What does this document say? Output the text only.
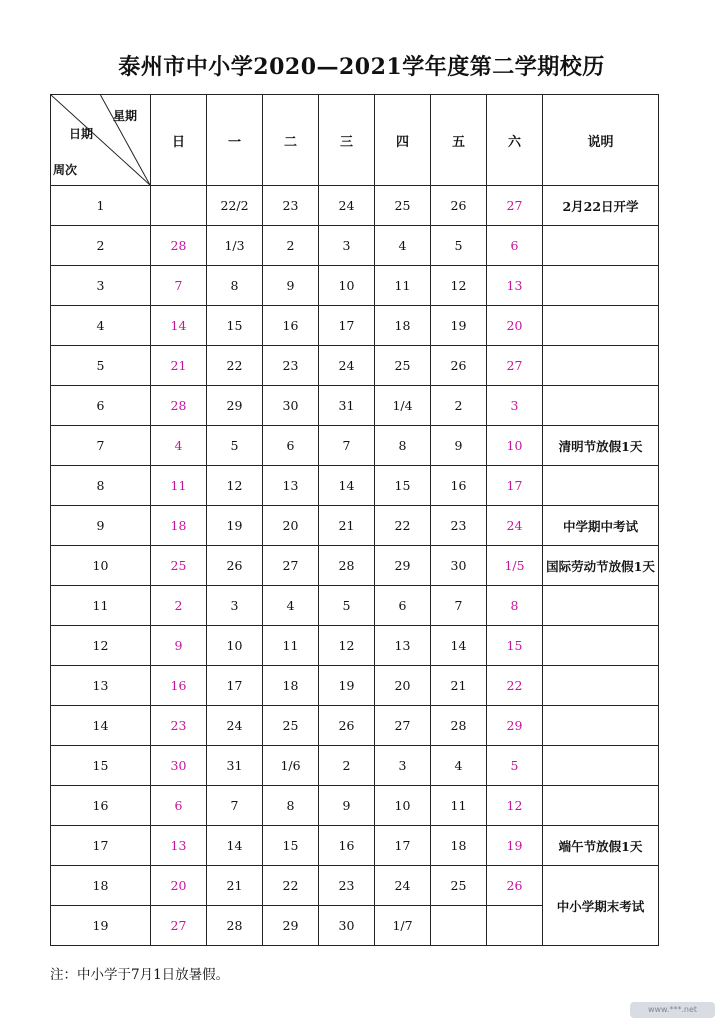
泰州市中小学2020—2021学年度第二学期校历
星期
日期
周次	日	一	二	三	四	五	六	说明
1		22/2	23	24	25	26	27	2月22日开学
2	28	1/3	2	3	4	5	6	
3	7	8	9	10	11	12	13	
4	14	15	16	17	18	19	20	
5	21	22	23	24	25	26	27	
6	28	29	30	31	1/4	2	3	
7	4	5	6	7	8	9	10	清明节放假1天
8	11	12	13	14	15	16	17	
9	18	19	20	21	22	23	24	中学期中考试
10	25	26	27	28	29	30	1/5	国际劳动节放假1天
11	2	3	4	5	6	7	8	
12	9	10	11	12	13	14	15	
13	16	17	18	19	20	21	22	
14	23	24	25	26	27	28	29	
15	30	31	1/6	2	3	4	5	
16	6	7	8	9	10	11	12	
17	13	14	15	16	17	18	19	端午节放假1天
18	20	21	22	23	24	25	26	中小学期末考试
19	27	28	29	30	1/7			
注：中小学于7月1日放暑假。
www.***.net
